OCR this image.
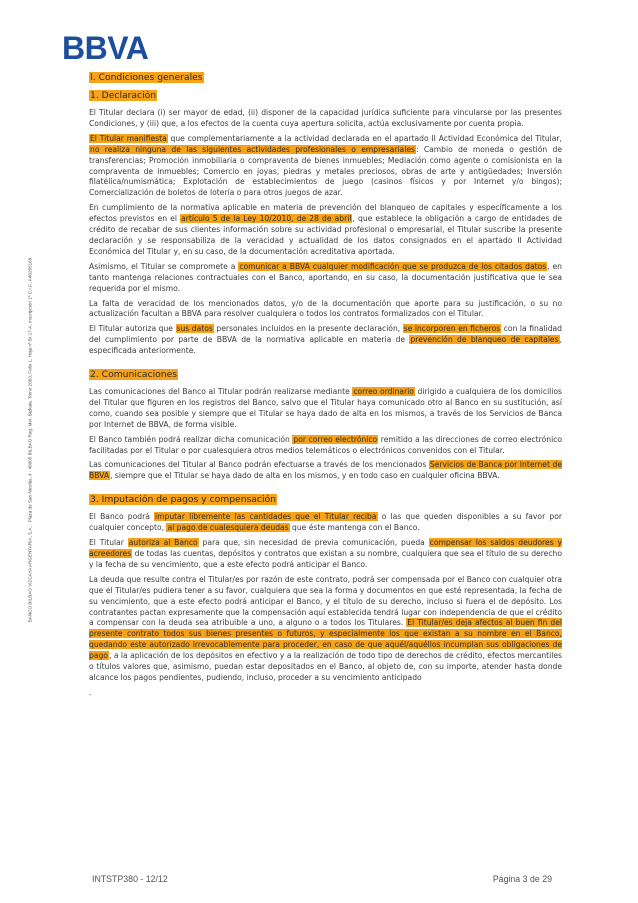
BBVA
BANCO BILBAO VIZCAYA ARGENTARIA, S.A. · Plaza de San Nicolás, 4 · 48005 BILBAO Reg. Mer. Bizkaia. Tomo 2083, Folio 1, Hoja nº BI-17-A, Inscripción 1ª C.I.F.: A48265169
I. Condiciones generales
1. Declaración

El Titular declara (i) ser mayor de edad, (ii) disponer de la capacidad jurídica suficiente para vincularse por las presentes Condiciones, y (iii) que, a los efectos de la cuenta cuya apertura solicita, actúa exclusivamente por cuenta propia.

El Titular manifiesta que complementariamente a la actividad declarada en el apartado II Actividad Económica del Titular, no realiza ninguna de las siguientes actividades profesionales o empresariales: Cambio de moneda o gestión de transferencias; Promoción inmobiliaria o compraventa de bienes inmuebles; Mediación como agente o comisionista en la compraventa de inmuebles; Comercio en joyas, piedras y metales preciosos, obras de arte y antigüedades; Inversión filatélica/numismática; Explotación de establecimientos de juego (casinos físicos y por Internet y/o bingos); Comercialización de boletos de lotería o para otros juegos de azar.

En cumplimiento de la normativa aplicable en materia de prevención del blanqueo de capitales y específicamente a los efectos previstos en el artículo 5 de la Ley 10/2010, de 28 de abril, que establece la obligación a cargo de entidades de crédito de recabar de sus clientes información sobre su actividad profesional o empresarial, el Titular suscribe la presente declaración y se responsabiliza de la veracidad y actualidad de los datos consignados en el apartado II Actividad Económica del Titular y, en su caso, de la documentación acreditativa aportada.

Asimismo, el Titular se compromete a comunicar a BBVA cualquier modificación que se produzca de los citados datos, en tanto mantenga relaciones contractuales con el Banco, aportando, en su caso, la documentación justificativa que le sea requerida por el mismo.

La falta de veracidad de los mencionados datos, y/o de la documentación que aporte para su justificación, o su no actualización facultan a BBVA para resolver cualquiera o todos los contratos formalizados con el Titular.

El Titular autoriza que sus datos personales incluidos en la presente declaración, se incorporen en ficheros con la finalidad del cumplimiento por parte de BBVA de la normativa aplicable en materia de prevención de blanqueo de capitales, especificada anteriormente.

2. Comunicaciones

Las comunicaciones del Banco al Titular podrán realizarse mediante correo ordinario dirigido a cualquiera de los domicilios del Titular que figuren en los registros del Banco, salvo que el Titular haya comunicado otro al Banco en su sustitución, así como, cuando sea posible y siempre que el Titular se haya dado de alta en los mismos, a través de los Servicios de Banca por Internet de BBVA, de forma visible.

El Banco también podrá realizar dicha comunicación por correo electrónico remitido a las direcciones de correo electrónico facilitadas por el Titular o por cualesquiera otros medios telemáticos o electrónicos convenidos con el Titular.

Las comunicaciones del Titular al Banco podrán efectuarse a través de los mencionados Servicios de Banca por Internet de BBVA, siempre que el Titular se haya dado de alta en los mismos, y en todo caso en cualquier oficina BBVA.

3. Imputación de pagos y compensación

El Banco podrá imputar libremente las cantidades que el Titular reciba o las que queden disponibles a su favor por cualquier concepto, al pago de cualesquiera deudas que éste mantenga con el Banco.

El Titular autoriza al Banco para que, sin necesidad de previa comunicación, pueda compensar los saldos deudores y acreedores de todas las cuentas, depósitos y contratos que existan a su nombre, cualquiera que sea el título de su derecho y la fecha de su vencimiento, que a este efecto podrá anticipar el Banco.

La deuda que resulte contra el Titular/es por razón de este contrato, podrá ser compensada por el Banco con cualquier otra que el Titular/es pudiera tener a su favor, cualquiera que sea la forma y documentos en que esté representada, la fecha de su vencimiento, que a este efecto podrá anticipar el Banco, y el título de su derecho, incluso si fuera el de depósito. Los contratantes pactan expresamente que la compensación aquí establecida tendrá lugar con independencia de que el crédito a compensar con la deuda sea atribuible a uno, a alguno o a todos los Titulares. El Titular/es deja afectos al buen fin del presente contrato todos sus bienes presentes o futuros, y especialmente los que existan a su nombre en el Banco, quedando este autorizado irrevocablemente para proceder, en caso de que aquél/aquéllos incumplan sus obligaciones de pago, a la aplicación de los depósitos en efectivo y a la realización de todo tipo de derechos de crédito, efectos mercantiles o títulos valores que, asimismo, puedan estar depositados en el Banco, al objeto de, con su importe, atender hasta donde alcance los pagos pendientes, pudiendo, incluso, proceder a su vencimiento anticipado

.
INTSTP380 - 12/12	Página 3 de 29
